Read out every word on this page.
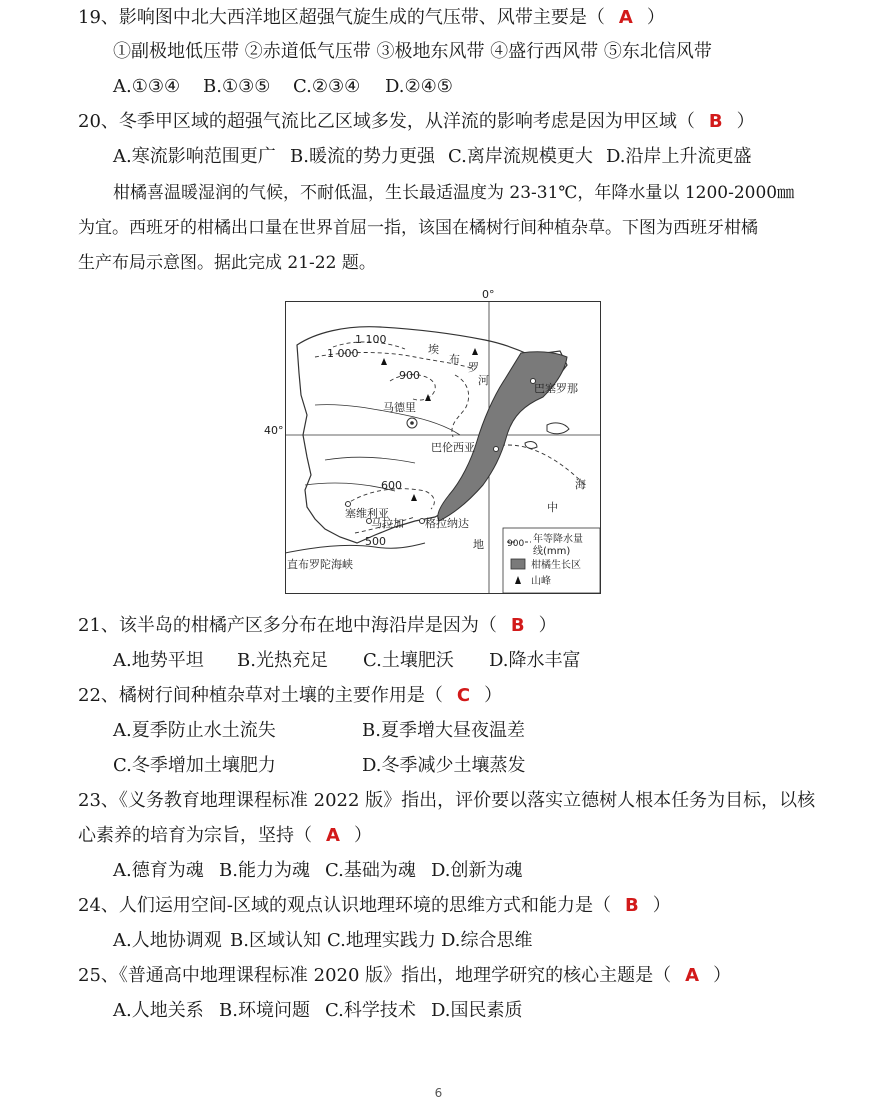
19、影响图中北大西洋地区超强气旋生成的气压带、风带主要是（ A ）
①副极地低压带 ②赤道低气压带 ③极地东风带 ④盛行西风带 ⑤东北信风带
A.①③④ B.①③⑤ C.②③④ D.②④⑤
20、冬季甲区域的超强气流比乙区域多发，从洋流的影响考虑是因为甲区域（ B ）
A.寒流影响范围更广 B.暖流的势力更强 C.离岸流规模更大 D.沿岸上升流更盛
柑橘喜温暖湿润的气候，不耐低温，生长最适温度为 23-31℃，年降水量以 1200-2000㎜
为宜。西班牙的柑橘出口量在世界首屈一指，该国在橘树行间种植杂草。下图为西班牙柑橘
生产布局示意图。据此完成 21-22 题。
0°
1 100
1 000
900
600
500
马德里
巴塞罗那
巴伦西亚
塞维利亚
马拉加 格拉纳达
埃
布
罗
河
海
中
地
直布罗陀海峡
900 年等降水量
线(mm)
柑橘生长区
山峰
40°
21、该半岛的柑橘产区多分布在地中海沿岸是因为（ B ）
A.地势平坦 B.光热充足 C.土壤肥沃 D.降水丰富
22、橘树行间种植杂草对土壤的主要作用是（ C ）
A.夏季防止水土流失	B.夏季增大昼夜温差
C.冬季增加土壤肥力	D.冬季减少土壤蒸发
23、《义务教育地理课程标准 2022 版》指出，评价要以落实立德树人根本任务为目标，以核
心素养的培育为宗旨，坚持（ A ）
A.德育为魂 B.能力为魂 C.基础为魂 D.创新为魂
24、人们运用空间-区域的观点认识地理环境的思维方式和能力是（ B ）
A.人地协调观 B.区域认知 C.地理实践力 D.综合思维
25、《普通高中地理课程标准 2020 版》指出，地理学研究的核心主题是（ A ）
A.人地关系 B.环境问题 C.科学技术 D.国民素质
6
